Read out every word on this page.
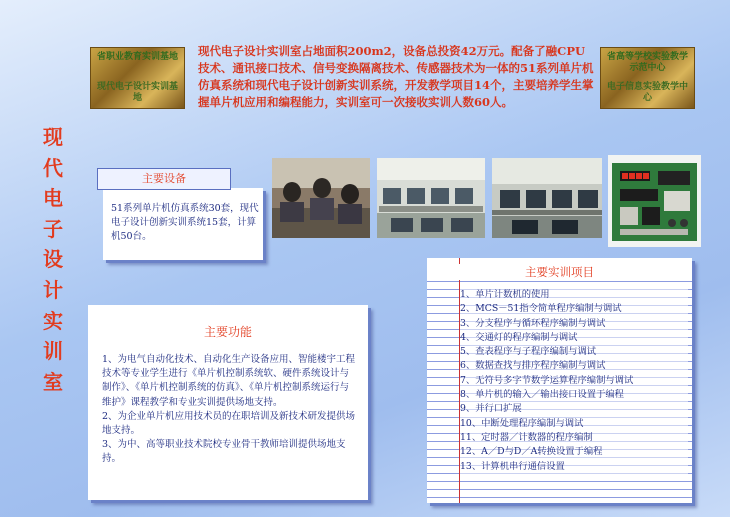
省职业教育实训基地
现代电子设计实训基地
省高等学校实验教学示范中心
电子信息实验教学中心
现代电子设计实训室占地面积200m2，设备总投资42万元。配备了融CPU技术、通讯接口技术、信号变换隔离技术、传感器技术为一体的51系列单片机仿真系统和现代电子设计创新实训系统，开发教学项目14个，主要培养学生掌握单片机应用和编程能力，实训室可一次接收实训人数60人。
现
代
电
子
设
计
实
训
室
51系列单片机仿真系统30套，现代电子设计创新实训系统15套，计算机50台。
主要设备
主要功能

1、为电气自动化技术、自动化生产设备应用、智能楼宇工程技术等专业学生进行《单片机控制系统软、硬件系统设计与制作》、《单片机控制系统的仿真》、《单片机控制系统运行与维护》课程教学和专业实训提供场地支持。

2、为企业单片机应用技术员的在职培训及新技术研发提供场地支持。

3、为中、高等职业技术院校专业骨干教师培训提供场地支持。

主要实训项目
1、单片计数机的使用
2、MCS－51指令简单程序编制与调试
3、分支程序与循环程序编制与调试
4、交通灯的程序编制与调试
5、查表程序与子程序编制与调试
6、数据查找与排序程序编制与调试
7、无符号多字节数学运算程序编制与调试
8、单片机的输入／输出接口设置于编程
9、并行口扩展
10、中断处理程序编制与调试
11、定时器／计数器的程序编制
12、A／D与D／A转换设置于编程
13、计算机串行通信设置
